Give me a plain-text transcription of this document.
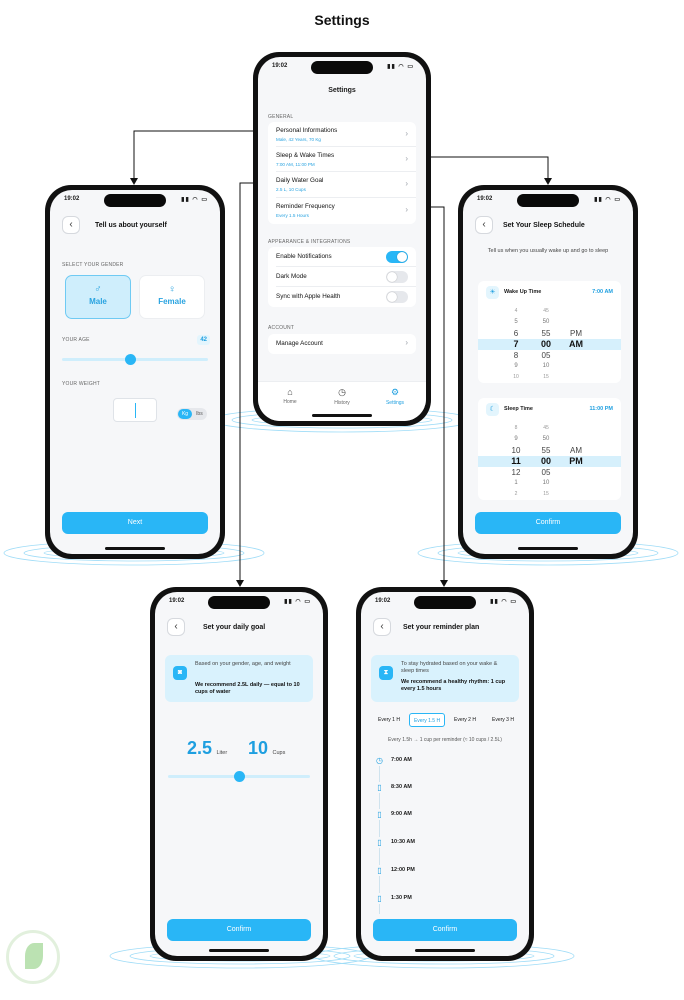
Settings
19:02	▮▮ ◠ ▭
Settings
GENERAL
Personal Informations
Male, 42 Years, 70 Kg
›
Sleep & Wake Times
7:00 AM, 11:00 PM
›
Daily Water Goal
2.5 L, 10 Cups
›
Reminder Frequency
Every 1.5 Hours
›
APPEARANCE & INTEGRATIONS
Enable Notifications
Dark Mode
Sync with Apple Health
ACCOUNT
Manage Account	›
⌂
Home
◷
History
⚙
Settings
19:02	▮▮ ◠ ▭
‹	Tell us about yourself
SELECT YOUR GENDER
♂
Male
♀
Female
YOUR AGE	42
YOUR WEIGHT
Kg	lbs
Next
19:02	▮▮ ◠ ▭
‹	Set Your Sleep Schedule
Tell us when you usually wake up and go to sleep
☀	Wake Up Time	7:00 AM
4	45
5	50
6	55	PM
7	00	AM
8	05
9	10
10	15
☾	Sleep Time	11:00 PM
8	45
9	50
10	55	AM
11	00	PM
12	05
1	10
2	15
Confirm
19:02	▮▮ ◠ ▭
‹	Set your daily goal
◙
Based on your gender, age, and weight
We recommend 2.5L daily — equal to 10 cups of water
2.5 Liter 10 Cups
Confirm
19:02	▮▮ ◠ ▭
‹	Set your reminder plan
⧗
To stay hydrated based on your wake & sleep times
We recommend a healthy rhythm: 1 cup every 1.5 hours
Every 1 H	Every 1.5 H	Every 2 H	Every 3 H
Every 1.5h → 1 cup per reminder (≈ 10 cups / 2.5L)
◷ 7:00 AM
▯	8:30 AM
▯	9:00 AM
▯	10:30 AM
▯	12:00 PM
▯	1:30 PM
Confirm
